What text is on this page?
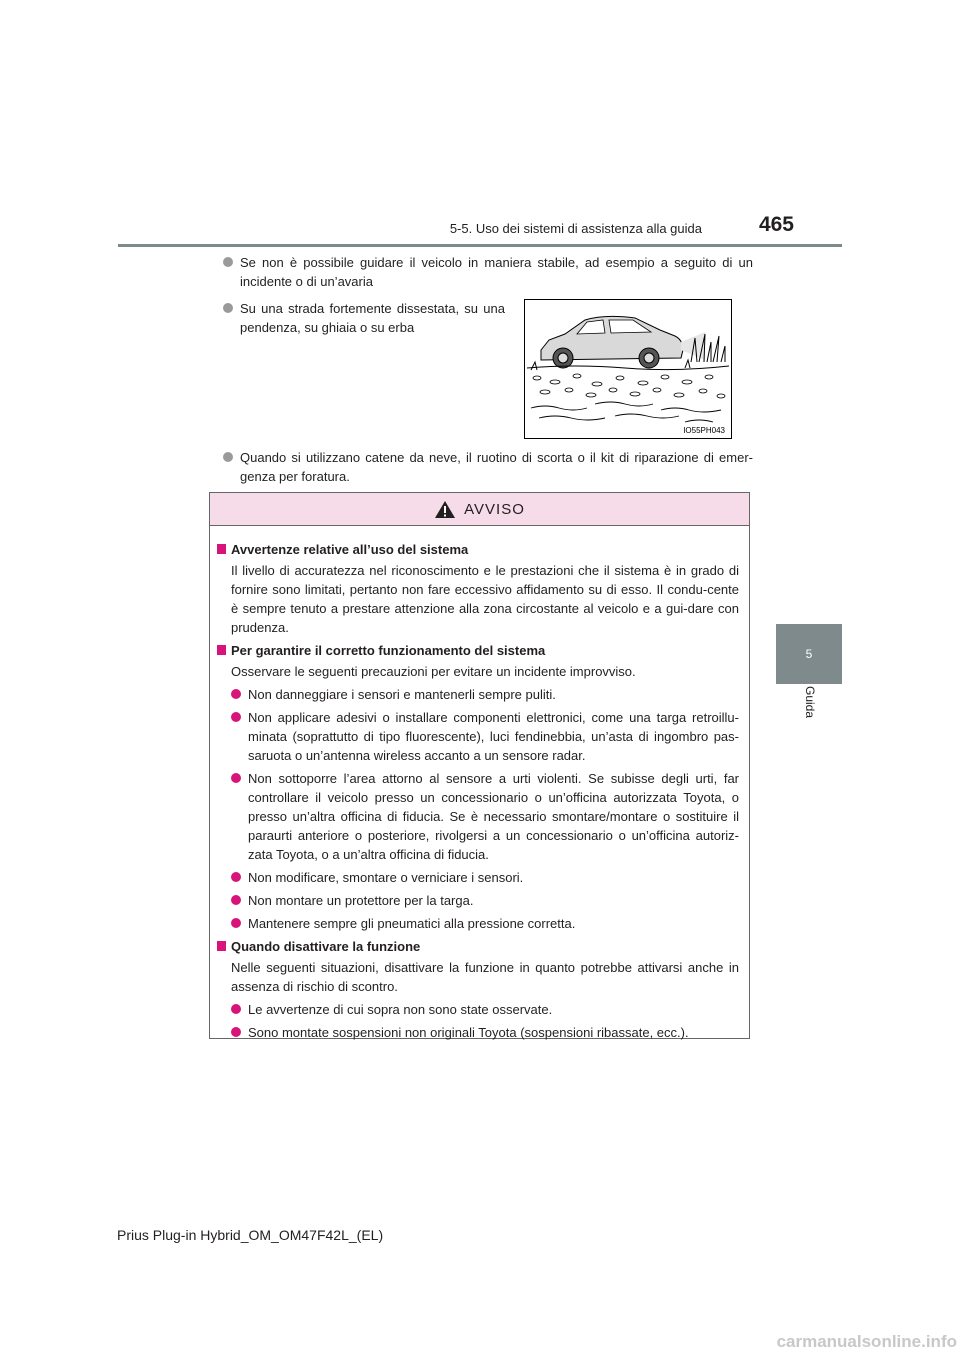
5-5. Uso dei sistemi di assistenza alla guida	465
5
Guida
Se non è possibile guidare il veicolo in maniera stabile, ad esempio a seguito di un incidente o di un’avaria
Su una strada fortemente dissestata, su una pendenza, su ghiaia o su erba
IO55PH043
Quando si utilizzano catene da neve, il ruotino di scorta o il kit di riparazione di emer-genza per foratura.
AVVISO
Avvertenze relative all’uso del sistema
Il livello di accuratezza nel riconoscimento e le prestazioni che il sistema è in grado di fornire sono limitati, pertanto non fare eccessivo affidamento su di esso. Il condu-cente è sempre tenuto a prestare attenzione alla zona circostante al veicolo e a gui-dare con prudenza.
Per garantire il corretto funzionamento del sistema
Osservare le seguenti precauzioni per evitare un incidente improvviso.
Non danneggiare i sensori e mantenerli sempre puliti.
Non applicare adesivi o installare componenti elettronici, come una targa retroillu-minata (soprattutto di tipo fluorescente), luci fendinebbia, un’asta di ingombro pas-saruota o un’antenna wireless accanto a un sensore radar.
Non sottoporre l’area attorno al sensore a urti violenti. Se subisse degli urti, far controllare il veicolo presso un concessionario o un’officina autorizzata Toyota, o presso un’altra officina di fiducia. Se è necessario smontare/montare o sostituire il paraurti anteriore o posteriore, rivolgersi a un concessionario o un’officina autoriz-zata Toyota, o a un’altra officina di fiducia.
Non modificare, smontare o verniciare i sensori.
Non montare un protettore per la targa.
Mantenere sempre gli pneumatici alla pressione corretta.
Quando disattivare la funzione
Nelle seguenti situazioni, disattivare la funzione in quanto potrebbe attivarsi anche in assenza di rischio di scontro.
Le avvertenze di cui sopra non sono state osservate.
Sono montate sospensioni non originali Toyota (sospensioni ribassate, ecc.).
Prius Plug-in Hybrid_OM_OM47F42L_(EL)
carmanualsonline.info
